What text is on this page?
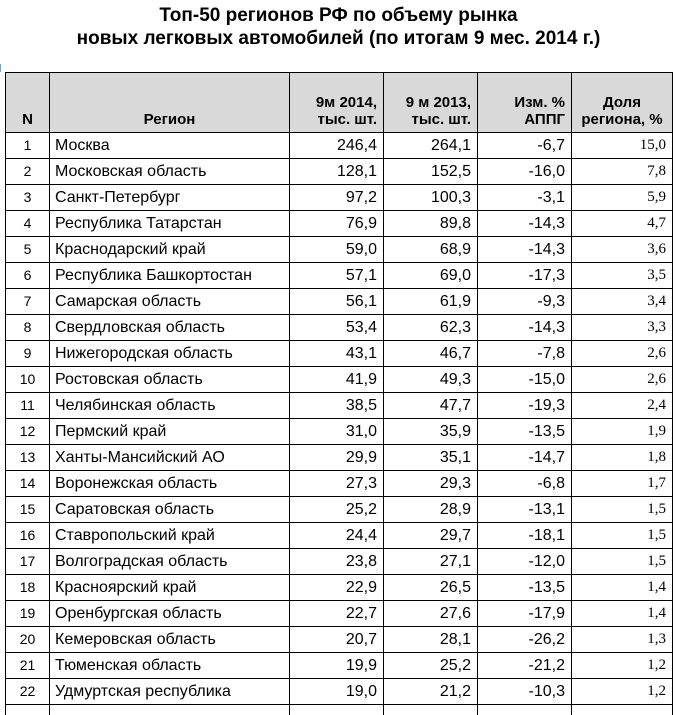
Топ-50 регионов РФ по объему рынка
новых легковых автомобилей (по итогам 9 мес. 2014 г.)
N	Регион	9м 2014, тыс. шт.	9 м 2013, тыс. шт.	Изм. % АППГ	Доля региона, %

1	Москва	246,4	264,1	-6,7	15,0
2	Московская область	128,1	152,5	-16,0	7,8
3	Санкт-Петербург	97,2	100,3	-3,1	5,9
4	Республика Татарстан	76,9	89,8	-14,3	4,7
5	Краснодарский край	59,0	68,9	-14,3	3,6
6	Республика Башкортостан	57,1	69,0	-17,3	3,5
7	Самарская область	56,1	61,9	-9,3	3,4
8	Свердловская область	53,4	62,3	-14,3	3,3
9	Нижегородская область	43,1	46,7	-7,8	2,6
10	Ростовская область	41,9	49,3	-15,0	2,6
11	Челябинская область	38,5	47,7	-19,3	2,4
12	Пермский край	31,0	35,9	-13,5	1,9
13	Ханты-Мансийский АО	29,9	35,1	-14,7	1,8
14	Воронежская область	27,3	29,3	-6,8	1,7
15	Саратовская область	25,2	28,9	-13,1	1,5
16	Ставропольский край	24,4	29,7	-18,1	1,5
17	Волгоградская область	23,8	27,1	-12,0	1,5
18	Красноярский край	22,9	26,5	-13,5	1,4
19	Оренбургская область	22,7	27,6	-17,9	1,4
20	Кемеровская область	20,7	28,1	-26,2	1,3
21	Тюменская область	19,9	25,2	-21,2	1,2
22	Удмуртская республика	19,0	21,2	-10,3	1,2
